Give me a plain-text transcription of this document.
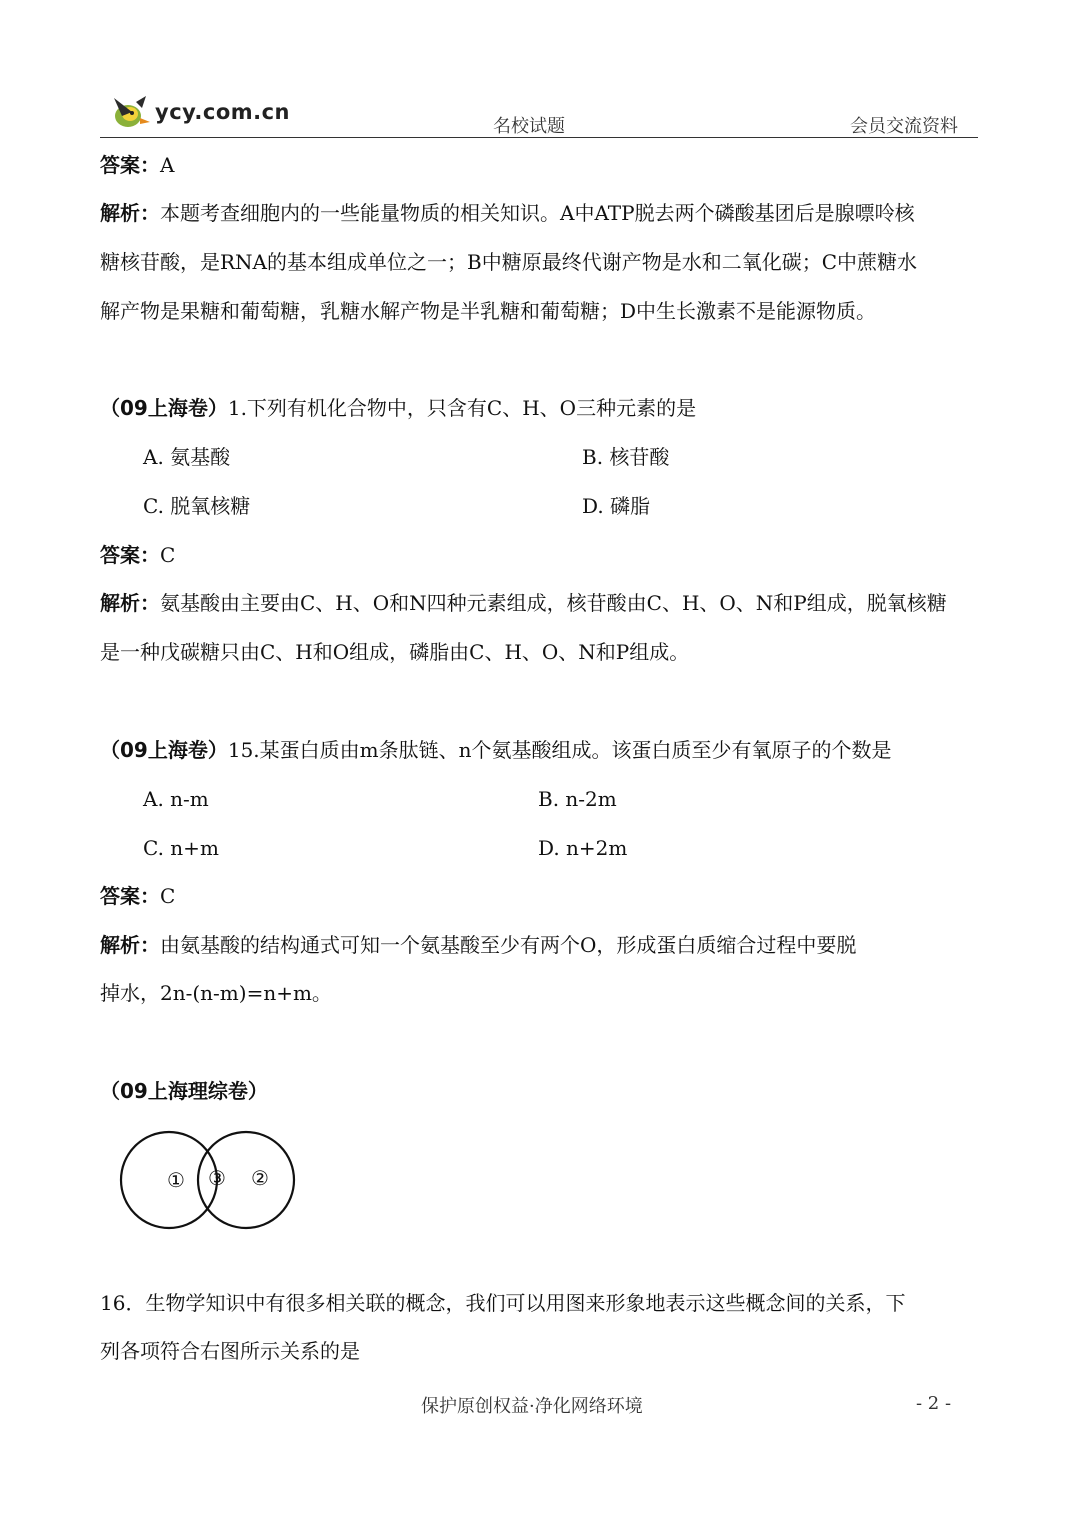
ycy.com.cn
名校试题	会员交流资料
答案：A
解析：本题考查细胞内的一些能量物质的相关知识。A中ATP脱去两个磷酸基团后是腺嘌呤核
糖核苷酸，是RNA的基本组成单位之一；B中糖原最终代谢产物是水和二氧化碳；C中蔗糖水
解产物是果糖和葡萄糖，乳糖水解产物是半乳糖和葡萄糖；D中生长激素不是能源物质。
（09上海卷）1.下列有机化合物中，只含有C、H、O三种元素的是
A. 氨基酸	B. 核苷酸
C. 脱氧核糖	D. 磷脂
答案：C
解析：氨基酸由主要由C、H、O和N四种元素组成，核苷酸由C、H、O、N和P组成，脱氧核糖
是一种戊碳糖只由C、H和O组成，磷脂由C、H、O、N和P组成。
（09上海卷）15.某蛋白质由m条肽链、n个氨基酸组成。该蛋白质至少有氧原子的个数是
A. n-m	B. n-2m
C. n+m	D. n+2m
答案：C
解析：由氨基酸的结构通式可知一个氨基酸至少有两个O，形成蛋白质缩合过程中要脱
掉水，2n-(n-m)=n+m。
（09上海理综卷）
①	②
③
16．生物学知识中有很多相关联的概念，我们可以用图来形象地表示这些概念间的关系，下
列各项符合右图所示关系的是
保护原创权益·净化网络环境	- 2 -
